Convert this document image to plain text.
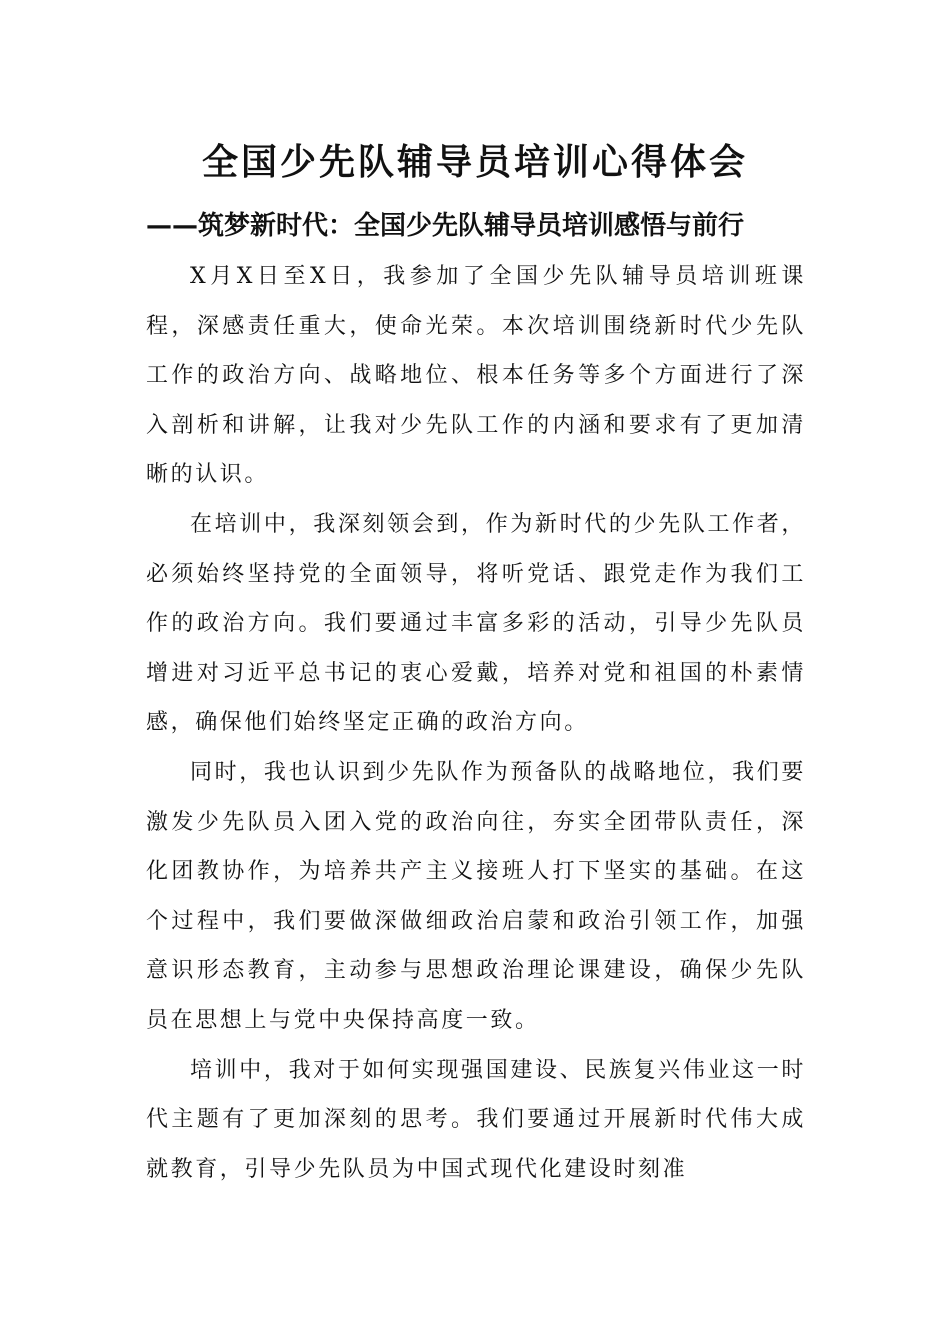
全国少先队辅导员培训心得体会
——筑梦新时代：全国少先队辅导员培训感悟与前行

X月X日至X日，我参加了全国少先队辅导员培训班课程，深感责任重大，使命光荣。本次培训围绕新时代少先队工作的政治方向、战略地位、根本任务等多个方面进行了深入剖析和讲解，让我对少先队工作的内涵和要求有了更加清晰的认识。

在培训中，我深刻领会到，作为新时代的少先队工作者，必须始终坚持党的全面领导，将听党话、跟党走作为我们工作的政治方向。我们要通过丰富多彩的活动，引导少先队员增进对习近平总书记的衷心爱戴，培养对党和祖国的朴素情感，确保他们始终坚定正确的政治方向。

同时，我也认识到少先队作为预备队的战略地位，我们要激发少先队员入团入党的政治向往，夯实全团带队责任，深化团教协作，为培养共产主义接班人打下坚实的基础。在这个过程中，我们要做深做细政治启蒙和政治引领工作，加强意识形态教育，主动参与思想政治理论课建设，确保少先队员在思想上与党中央保持高度一致。

培训中，我对于如何实现强国建设、民族复兴伟业这一时代主题有了更加深刻的思考。我们要通过开展新时代伟大成就教育，引导少先队员为中国式现代化建设时刻准
